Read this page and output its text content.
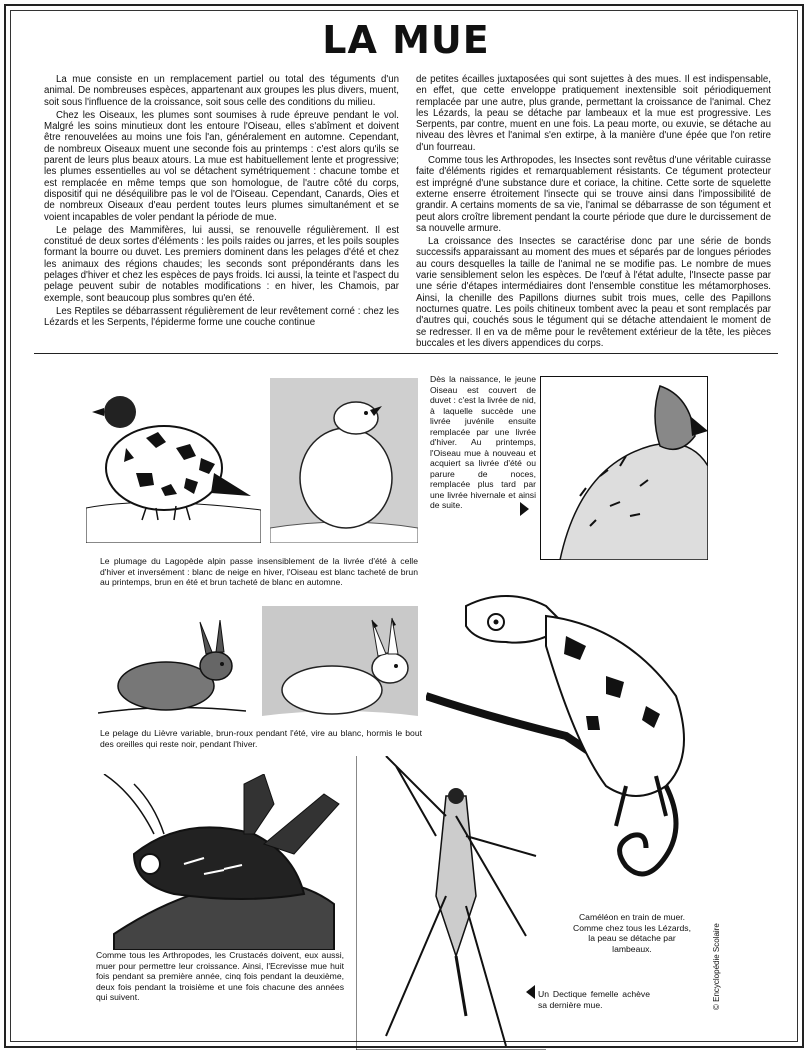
LA MUE

La mue consiste en un remplacement partiel ou total des téguments d'un animal. De nombreuses espèces, appartenant aux groupes les plus divers, muent, soit sous l'influence de la croissance, soit sous celle des conditions du milieu.

Chez les Oiseaux, les plumes sont soumises à rude épreuve pendant le vol. Malgré les soins minutieux dont les entoure l'Oiseau, elles s'abîment et doivent être renouvelées au moins une fois l'an, généralement en automne. Cependant, de nombreux Oiseaux muent une seconde fois au printemps : c'est alors qu'ils se parent de leurs plus beaux atours. La mue est habituellement lente et progressive; les plumes essentielles au vol se détachent symétriquement : chacune tombe et est remplacée en même temps que son homologue, de l'autre côté du corps, dispositif qui ne déséquilibre pas le vol de l'Oiseau. Cependant, Canards, Oies et de nombreux Oiseaux d'eau perdent toutes leurs plumes simultanément et se voient incapables de voler pendant la période de mue.

Le pelage des Mammifères, lui aussi, se renouvelle régulièrement. Il est constitué de deux sortes d'éléments : les poils raides ou jarres, et les poils souples formant la bourre ou duvet. Les premiers dominent dans les pelages d'été et chez les animaux des régions chaudes; les seconds sont prépondérants dans les pelages d'hiver et chez les espèces de pays froids. Ici aussi, la teinte et l'aspect du pelage peuvent subir de notables modifications : en hiver, les Chamois, par exemple, sont beaucoup plus sombres qu'en été.

Les Reptiles se débarrassent régulièrement de leur revêtement corné : chez les Lézards et les Serpents, l'épiderme forme une couche continue

de petites écailles juxtaposées qui sont sujettes à des mues. Il est indispensable, en effet, que cette enveloppe pratiquement inextensible soit périodiquement remplacée par une autre, plus grande, permettant la croissance de l'animal. Chez les Lézards, la peau se détache par lambeaux et la mue est progressive. Les Serpents, par contre, muent en une fois. La peau morte, ou exuvie, se détache au niveau des lèvres et l'animal s'en extirpe, à la manière d'une épée que l'on retire d'un fourreau.

Comme tous les Arthropodes, les Insectes sont revêtus d'une véritable cuirasse faite d'éléments rigides et remarquablement résistants. Ce tégument protecteur est imprégné d'une substance dure et coriace, la chitine. Cette sorte de squelette externe enserre étroitement l'insecte qui se trouve ainsi dans l'impossibilité de grandir. A certains moments de sa vie, l'animal se débarrasse de son tégument et peut alors croître librement pendant la courte période que dure le durcissement de sa nouvelle armure.

La croissance des Insectes se caractérise donc par une série de bonds successifs apparaissant au moment des mues et séparés par de longues périodes au cours desquelles la taille de l'animal ne se modifie pas. Le nombre de mues varie sensiblement selon les espèces. De l'œuf à l'état adulte, l'Insecte passe par une série d'étapes intermédiaires dont l'ensemble constitue les métamorphoses. Ainsi, la chenille des Papillons diurnes subit trois mues, celle des Papillons nocturnes quatre. Les poils chitineux tombent avec la peau et sont remplacés par d'autres qui, couchés sous le tégument qui se détache attendaient le moment de se redresser. Il en va de même pour le revêtement extérieur de la tête, les pièces buccales et les divers appendices du corps.

Le plumage du Lagopède alpin passe insensiblement de la livrée d'été à celle d'hiver et inversément : blanc de neige en hiver, l'Oiseau est blanc tacheté de brun au printemps, brun en été et brun tacheté de blanc en automne.
Dès la naissance, le jeune Oiseau est couvert de duvet : c'est la livrée de nid, à laquelle succède une livrée juvénile ensuite remplacée par une livrée d'hiver. Au printemps, l'Oiseau mue à nouveau et acquiert sa livrée d'été ou parure de noces, remplacée plus tard par une livrée hivernale et ainsi de suite.
Le pelage du Lièvre variable, brun-roux pendant l'été, vire au blanc, hormis le bout des oreilles qui reste noir, pendant l'hiver.
Caméléon en train de muer. Comme chez tous les Lézards, la peau se détache par lambeaux.
Comme tous les Arthropodes, les Crustacés doivent, eux aussi, muer pour permettre leur croissance. Ainsi, l'Ecrevisse mue huit fois pendant sa première année, cinq fois pendant la deuxième, deux fois pendant la troisième et une fois chacune des années qui suivent.	Un Dectique femelle achève sa dernière mue.	© Encyclopédie Scolaire
